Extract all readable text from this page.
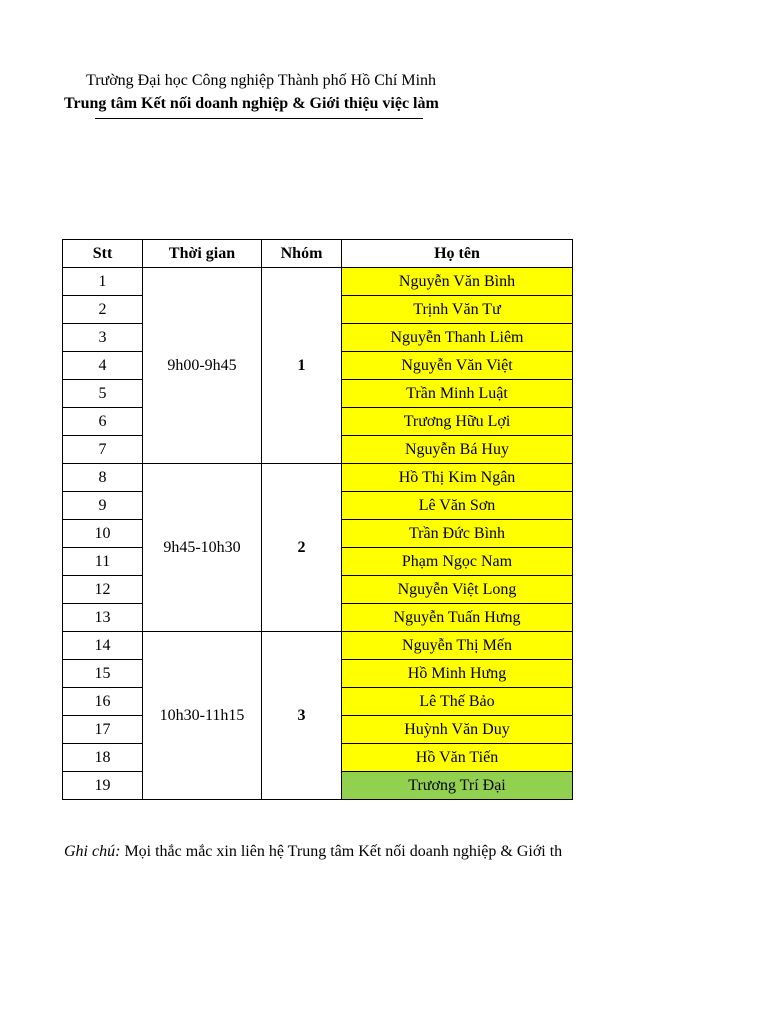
Trường Đại học Công nghiệp Thành phố Hồ Chí Minh
Trung tâm Kết nối doanh nghiệp & Giới thiệu việc làm
Stt	Thời gian	Nhóm	Họ tên
1	9h00-9h45	1	Nguyễn Văn Bình
2			Trịnh Văn Tư
3			Nguyễn Thanh Liêm
4			Nguyễn Văn Việt
5			Trần Minh Luật
6			Trương Hữu Lợi
7			Nguyễn Bá Huy
8	9h45-10h30	2	Hồ Thị Kim Ngân
9			Lê Văn Sơn
10			Trần Đức Bình
11			Phạm Ngọc Nam
12			Nguyễn Việt Long
13			Nguyễn Tuấn Hưng
14	10h30-11h15	3	Nguyễn Thị Mến
15			Hồ Minh Hưng
16			Lê Thế Bảo
17			Huỳnh Văn Duy
18			Hồ Văn Tiến
19			Trương Trí Đại
Ghi chú: Mọi thắc mắc xin liên hệ Trung tâm Kết nối doanh nghiệp & Giới th
